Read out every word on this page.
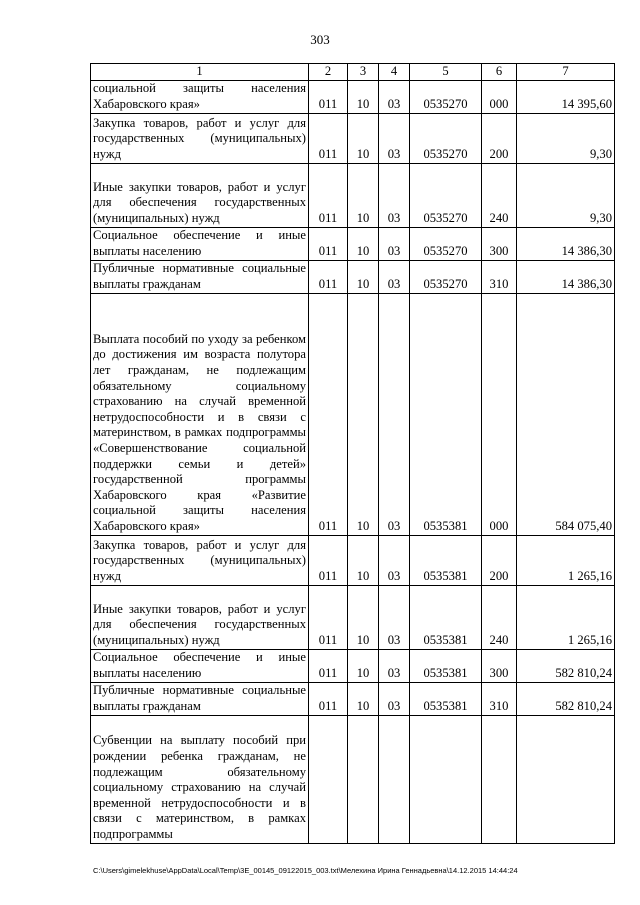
303
1	2	3	4	5	6	7
социальной защиты населения Хабаровского края»	011	10	03	0535270	000	14 395,60
Закупка товаров, работ и услуг для государственных (муниципальных) нужд	011	10	03	0535270	200	9,30
Иные закупки товаров, работ и услуг для обеспечения государственных (муниципальных) нужд	011	10	03	0535270	240	9,30
Социальное обеспечение и иные выплаты населению	011	10	03	0535270	300	14 386,30
Публичные нормативные социальные выплаты гражданам	011	10	03	0535270	310	14 386,30
Выплата пособий по уходу за ребенком до достижения им возраста полутора лет гражданам, не подлежащим обязательному социальному страхованию на случай временной нетрудоспособности и в связи с материнством, в рамках подпрограммы «Совершенствование социальной поддержки семьи и детей» государственной программы Хабаровского края «Развитие социальной защиты населения Хабаровского края»	011	10	03	0535381	000	584 075,40
Закупка товаров, работ и услуг для государственных (муниципальных) нужд	011	10	03	0535381	200	1 265,16
Иные закупки товаров, работ и услуг для обеспечения государственных (муниципальных) нужд	011	10	03	0535381	240	1 265,16
Социальное обеспечение и иные выплаты населению	011	10	03	0535381	300	582 810,24
Публичные нормативные социальные выплаты гражданам	011	10	03	0535381	310	582 810,24
Субвенции на выплату пособий при рождении ребенка гражданам, не подлежащим обязательному социальному страхованию на случай временной нетрудоспособности и в связи с материнством, в рамках подпрограммы						
C:\Users\gimelekhuse\AppData\Local\Temp\3E_00145_09122015_003.txt\Мелехина Ирина Геннадьевна\14.12.2015 14:44:24
